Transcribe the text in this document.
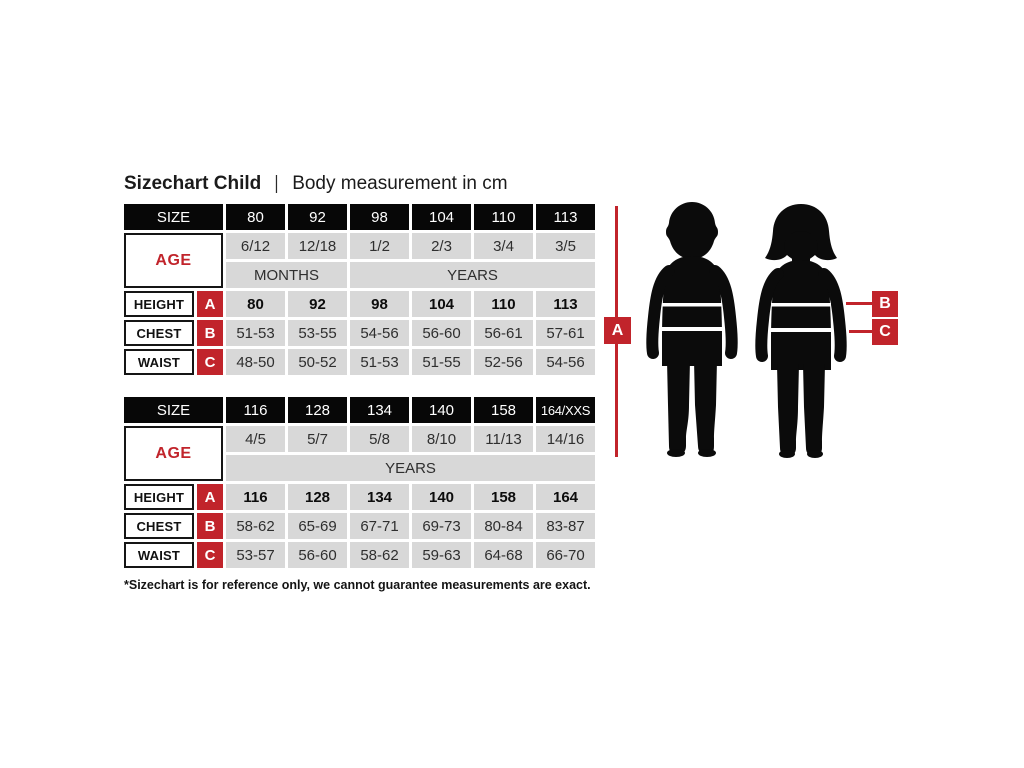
Sizechart Child | Body measurement in cm
SIZE	80	92	98	104	110	113
AGE
6/12	12/18	1/2	2/3	3/4	3/5
MONTHS	YEARS
HEIGHT	A	80	92	98	104	110	113
CHEST	B	51-53	53-55	54-56	56-60	56-61	57-61
WAIST	C	48-50	50-52	51-53	51-55	52-56	54-56
SIZE	116	128	134	140	158	164/XXS
AGE
4/5	5/7	5/8	8/10	11/13	14/16
YEARS
HEIGHT	A	116	128	134	140	158	164
CHEST	B	58-62	65-69	67-71	69-73	80-84	83-87
WAIST	C	53-57	56-60	58-62	59-63	64-68	66-70
*Sizechart is for reference only, we cannot guarantee measurements are exact.
A
B
C
